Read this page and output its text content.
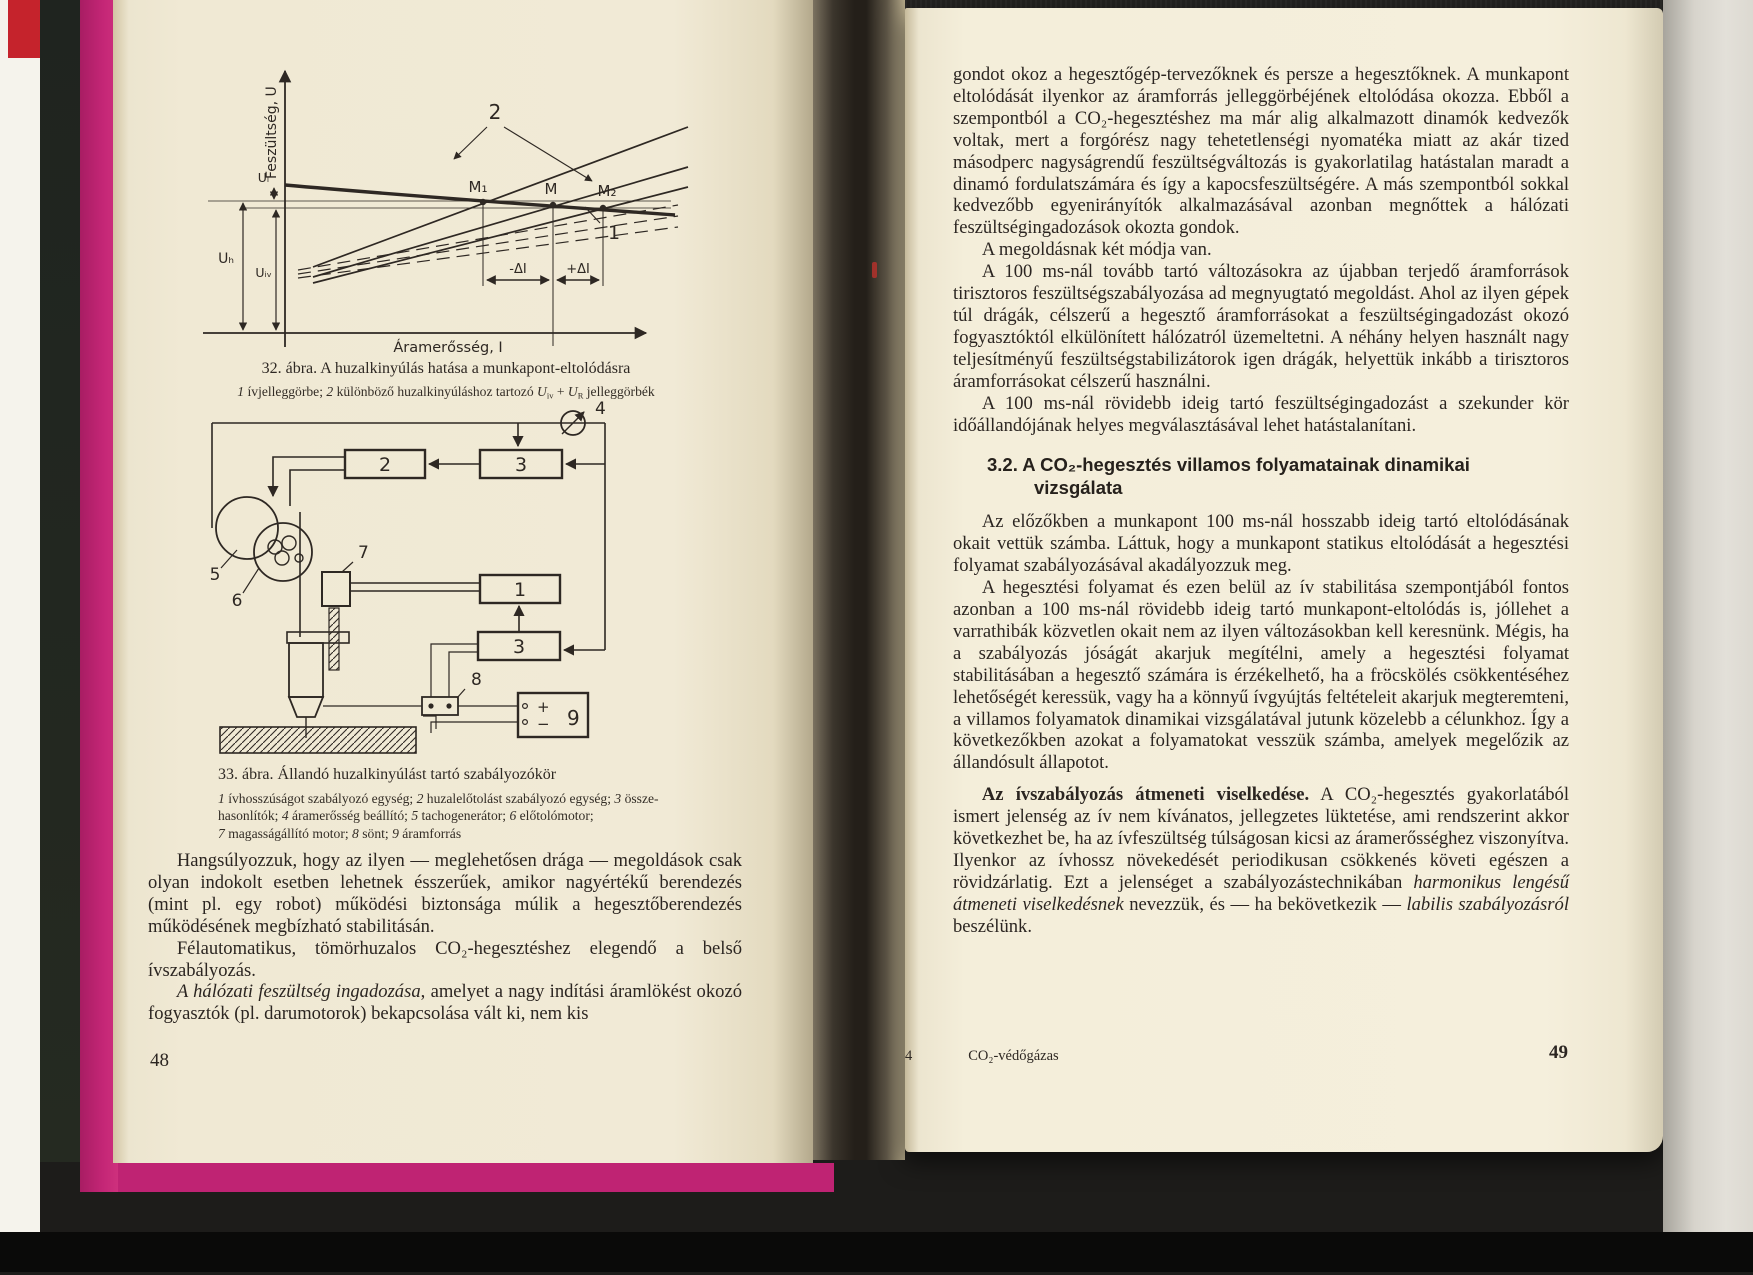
Feszültség, U
Áramerősség, I
M₁	M	M₂
-ΔI	+ΔI
Uₗ
Uₕ
Uᵢᵥ
2
1
32. ábra. A huzalkinyúlás hatása a munkapont-eltolódásra
1 ívjelleggörbe; 2 különböző huzalkinyúláshoz tartozó $U_{iv} + U_R$ jelleggörbék
4
2	3
5
6
7
1
3
8
+
− 9
33. ábra. Állandó huzalkinyúlást tartó szabályozókör
1 ívhosszúságot szabályozó egység; 2 huzalelőtolást szabályozó egység; 3 össze-
hasonlítók; 4 áramerősség beállító; 5 tachogenerátor; 6 előtolómotor;
7 magasságállító motor; 8 sönt; 9 áramforrás

Hangsúlyozzuk, hogy az ilyen — meglehetősen drága — megoldások csak olyan indokolt esetben lehetnek ésszerűek, amikor nagyértékű berendezés (mint pl. egy robot) működési biztonsága múlik a hegesztőberendezés működésének megbízható stabilitásán.

Félautomatikus, tömörhuzalos CO₂-hegesztéshez elegendő a belső ívszabályozás.

A hálózati feszültség ingadozása, amelyet a nagy indítási áramlökést okozó fogyasztók (pl. darumotorok) bekapcsolása vált ki, nem kis

48

gondot okoz a hegesztőgép-tervezőknek és persze a hegesztőknek. A munkapont eltolódását ilyenkor az áramforrás jelleggörbéjének eltolódása okozza. Ebből a szempontból a CO₂-hegesztéshez ma már alig alkalmazott dinamók kedvezők voltak, mert a forgórész nagy tehetetlenségi nyomatéka miatt az akár tized másodperc nagyságrendű feszültségváltozás is gyakorlatilag hatástalan maradt a dinamó fordulatszámára és így a kapocsfeszültségére. A más szempontból sokkal kedvezőbb egyenirányítók alkalmazásával azonban megnőttek a hálózati feszültségingadozások okozta gondok.

A megoldásnak két módja van.

A 100 ms-nál tovább tartó változásokra az újabban terjedő áramforrások tirisztoros feszültségszabályozása ad megnyugtató megoldást. Ahol az ilyen gépek túl drágák, célszerű a hegesztő áramforrásokat a feszültségingadozást okozó fogyasztóktól elkülönített hálózatról üzemeltetni. A néhány helyen használt nagy teljesítményű feszültségstabilizátorok igen drágák, helyettük inkább a tirisztoros áramforrásokat célszerű használni.

A 100 ms-nál rövidebb ideig tartó feszültségingadozást a szekunder kör időállandójának helyes megválasztásával lehet hatástalanítani.

3.2. A CO₂-hegesztés villamos folyamatainak dinamikai
vizsgálata

Az előzőkben a munkapont 100 ms-nál hosszabb ideig tartó eltolódásának okait vettük számba. Láttuk, hogy a munkapont statikus eltolódását a hegesztési folyamat szabályozásával akadályozzuk meg.

A hegesztési folyamat és ezen belül az ív stabilitása szempontjából fontos azonban a 100 ms-nál rövidebb ideig tartó munkapont-eltolódás is, jóllehet a varrathibák közvetlen okait nem az ilyen változásokban kell keresnünk. Mégis, ha a szabályozás jóságát akarjuk megítélni, amely a hegesztési folyamat stabilitásában a hegesztő számára is érzékelhető, ha a fröcskölés csökkentéséhez lehetőségét keressük, vagy ha a könnyű ívgyújtás feltételeit akarjuk megteremteni, a villamos folyamatok dinamikai vizsgálatával jutunk közelebb a célunkhoz. Így a következőkben azokat a folyamatokat vesszük számba, amelyek megelőzik az állandósult állapotot.

Az ívszabályozás átmeneti viselkedése. A CO₂-hegesztés gyakorlatából ismert jelenség az ív nem kívánatos, jellegzetes lüktetése, ami rendszerint akkor következhet be, ha az ívfeszültség túlságosan kicsi az áramerősséghez viszonyítva. Ilyenkor az ívhossz növekedését periodikusan csökkenés követi egészen a rövidzárlatig. Ezt a jelenséget a szabályozástechnikában harmonikus lengésű átmeneti viselkedésnek nevezzük, és — ha bekövetkezik — labilis szabályozásról beszélünk.

4	CO₂-védőgázas	49
